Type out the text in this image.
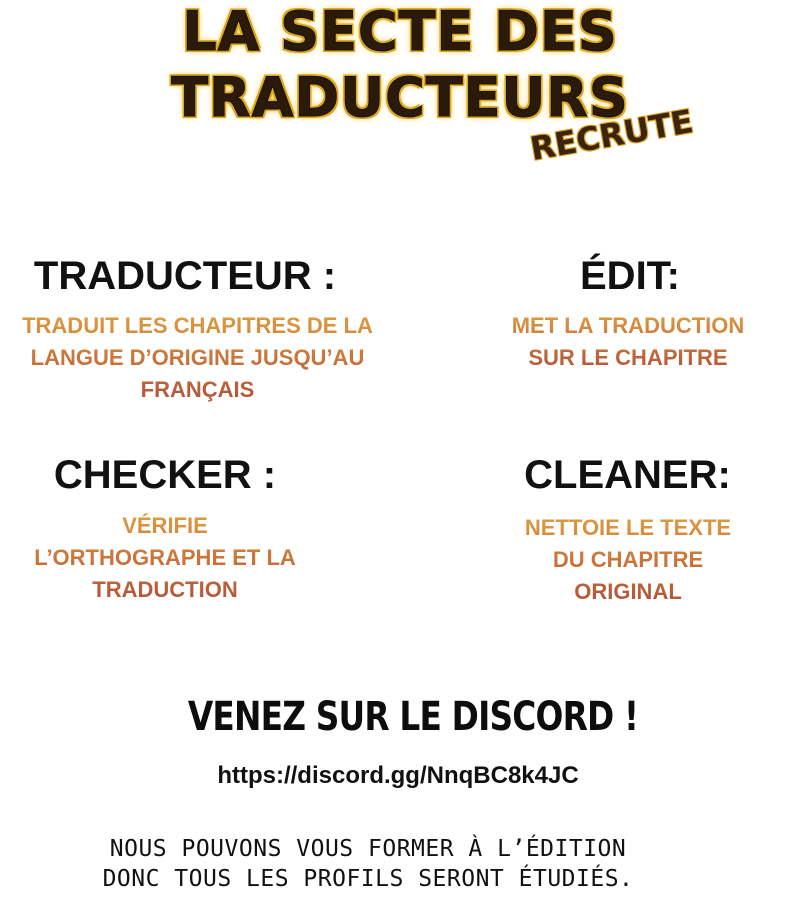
LA SECTE DES
TRADUCTEURS
RECRUTE
TRADUCTEUR :
TRADUIT LES CHAPITRES DE LA
LANGUE D’ORIGINE JUSQU’AU
FRANÇAIS
ÉDIT:
MET LA TRADUCTION
SUR LE CHAPITRE
CHECKER :
VÉRIFIE
L’ORTHOGRAPHE ET LA
TRADUCTION
CLEANER:
NETTOIE LE TEXTE
DU CHAPITRE
ORIGINAL
VENEZ SUR LE DISCORD !
https://discord.gg/NnqBC8k4JC
NOUS POUVONS VOUS FORMER À L’ÉDITION
DONC TOUS LES PROFILS SERONT ÉTUDIÉS.
